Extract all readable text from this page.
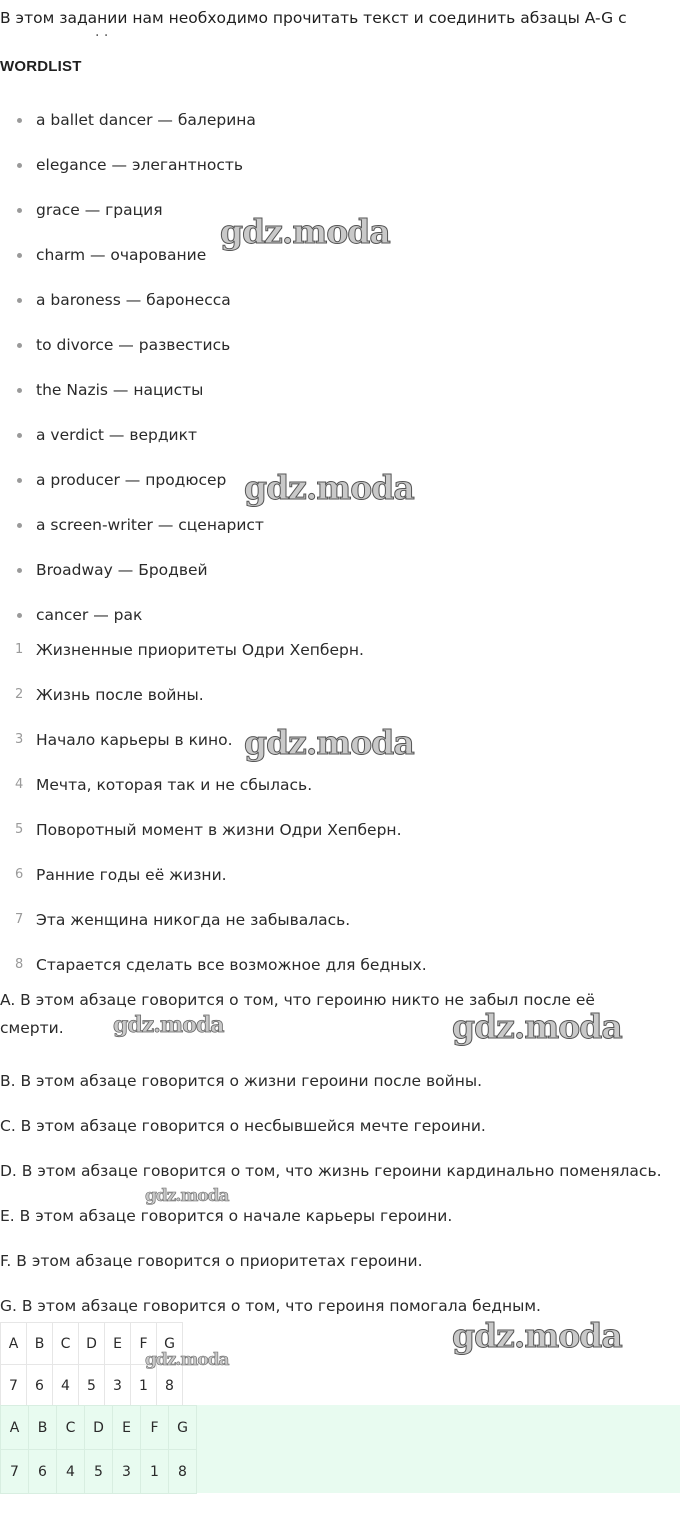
В этом задании нам необходимо прочитать текст и соединить абзацы A-G с
· ·
WORDLIST
a ballet dancer — балерина
elegance — элегантность
grace — грация
charm — очарование
a baroness — баронесса
to divorce — развестись
the Nazis — нацисты
a verdict — вердикт
a producer — продюсер
a screen-writer — сценарист
Broadway — Бродвей
cancer — рак
1 Жизненные приоритеты Одри Хепберн.
2 Жизнь после войны.
3 Начало карьеры в кино.
4 Мечта, которая так и не сбылась.
5 Поворотный момент в жизни Одри Хепберн.
6 Ранние годы её жизни.
7 Эта женщина никогда не забывалась.
8 Старается сделать все возможное для бедных.
A. В этом абзаце говорится о том, что героиню никто не забыл после её
смерти.
B. В этом абзаце говорится о жизни героини после войны.
C. В этом абзаце говорится о несбывшейся мечте героини.
D. В этом абзаце говорится о том, что жизнь героини кардинально поменялась.
E. В этом абзаце говорится о начале карьеры героини.
F. В этом абзаце говорится о приоритетах героини.
G. В этом абзаце говорится о том, что героиня помогала бедным.
A	B	C	D	E	F	G
7	6	4	5	3	1	8
A	B	C	D	E	F	G
7	6	4	5	3	1	8
gdz.moda
gdz.moda
gdz.moda
gdz.moda	gdz.moda
gdz.moda
gdz.moda
gdz.moda
